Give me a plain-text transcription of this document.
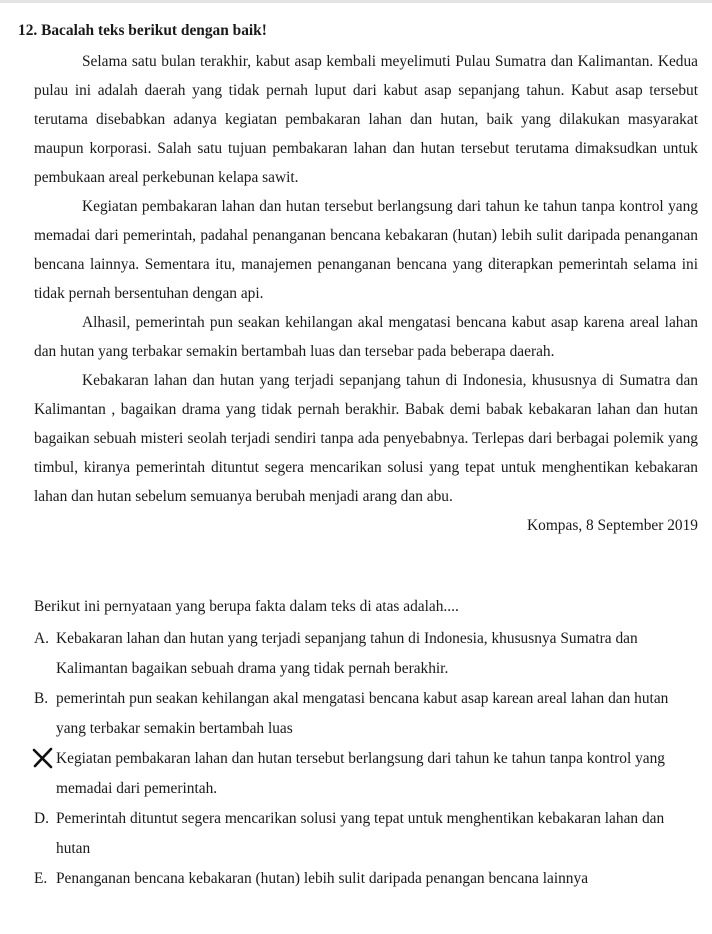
12. Bacalah teks berikut dengan baik!

Selama satu bulan terakhir, kabut asap kembali meyelimuti Pulau Sumatra dan Kalimantan. Kedua pulau ini adalah daerah yang tidak pernah luput dari kabut asap sepanjang tahun. Kabut asap tersebut terutama disebabkan adanya kegiatan pembakaran lahan dan hutan, baik yang dilakukan masyarakat maupun korporasi. Salah satu tujuan pembakaran lahan dan hutan tersebut terutama dimaksudkan untuk pembukaan areal perkebunan kelapa sawit.

Kegiatan pembakaran lahan dan hutan tersebut berlangsung dari tahun ke tahun tanpa kontrol yang memadai dari pemerintah, padahal penanganan bencana kebakaran (hutan) lebih sulit daripada penanganan bencana lainnya. Sementara itu, manajemen penanganan bencana yang diterapkan pemerintah selama ini tidak pernah bersentuhan dengan api.

Alhasil, pemerintah pun seakan kehilangan akal mengatasi bencana kabut asap karena areal lahan dan hutan yang terbakar semakin bertambah luas dan tersebar pada beberapa daerah.

Kebakaran lahan dan hutan yang terjadi sepanjang tahun di Indonesia, khususnya di Sumatra dan Kalimantan , bagaikan drama yang tidak pernah berakhir. Babak demi babak kebakaran lahan dan hutan bagaikan sebuah misteri seolah terjadi sendiri tanpa ada penyebabnya. Terlepas dari berbagai polemik yang timbul, kiranya pemerintah dituntut segera mencarikan solusi yang tepat untuk menghentikan kebakaran lahan dan hutan sebelum semuanya berubah menjadi arang dan abu.

Kompas, 8 September 2019

Berikut ini pernyataan yang berupa fakta dalam teks di atas adalah....

A. Kebakaran lahan dan hutan yang terjadi sepanjang tahun di Indonesia, khususnya Sumatra dan Kalimantan bagaikan sebuah drama yang tidak pernah berakhir.
B. pemerintah pun seakan kehilangan akal mengatasi bencana kabut asap karean areal lahan dan hutan yang terbakar semakin bertambah luas
Kegiatan pembakaran lahan dan hutan tersebut berlangsung dari tahun ke tahun tanpa kontrol yang memadai dari pemerintah.
D. Pemerintah dituntut segera mencarikan solusi yang tepat untuk menghentikan kebakaran lahan dan hutan
E. Penanganan bencana kebakaran (hutan) lebih sulit daripada penangan bencana lainnya
